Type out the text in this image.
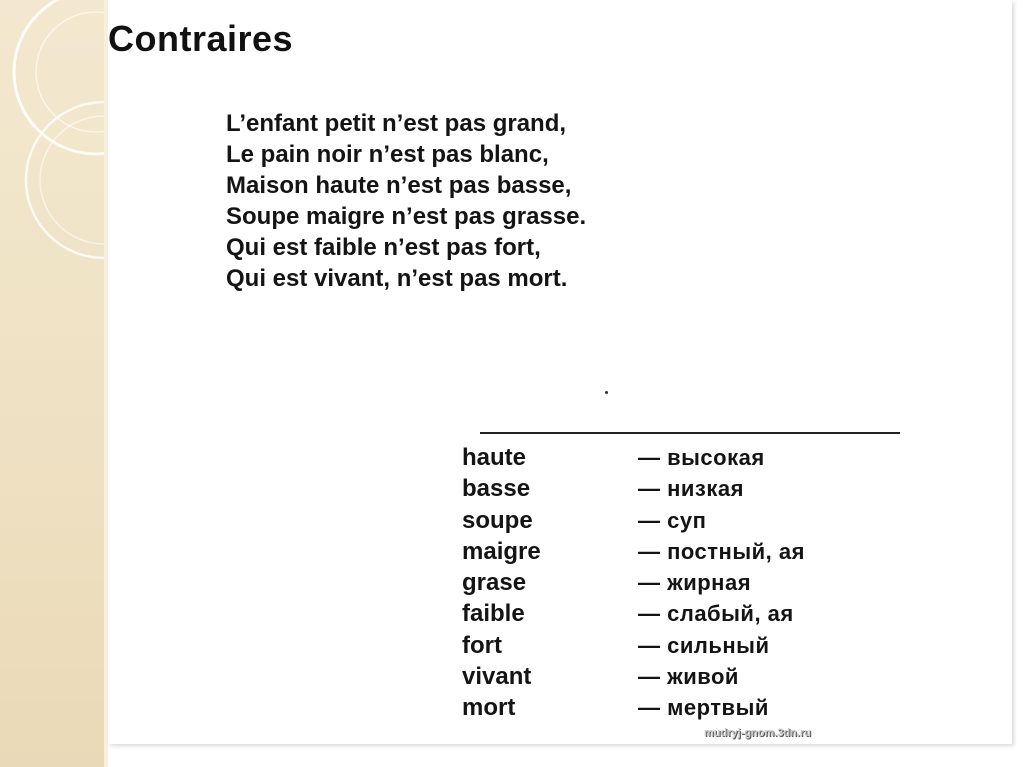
Contraires
L’enfant petit n’est pas grand,
Le pain noir n’est pas blanc,
Maison haute n’est pas basse,
Soupe maigre n’est pas grasse.
Qui est faible n’est pas fort,
Qui est vivant, n’est pas mort.
haute	— высокая
basse	— низкая
soupe	— суп
maigre	— постный, ая
grase	— жирная
faible	— слабый, ая
fort	— сильный
vivant	— живой
mort	— мертвый
mudryj-gnom.3dn.ru
